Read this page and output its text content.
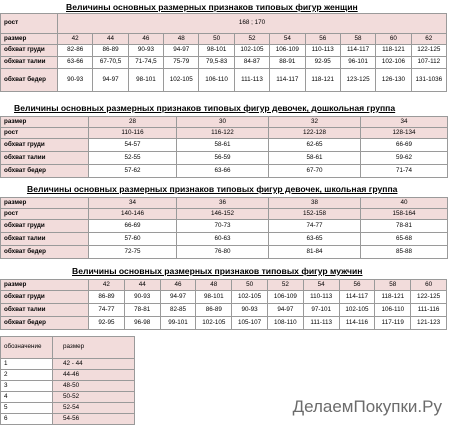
Величины основных размерных признаков типовых фигур женщин
рост	168 ; 170										
размер	42	44	46	48	50	52	54	56	58	60	62
обхват груди	82-86	86-89	90-93	94-97	98-101	102-105	106-109	110-113	114-117	118-121	122-125
обхват талии	63-66	67-70,5	71-74,5	75-79	79,5-83	84-87	88-91	92-95	96-101	102-106	107-112
обхват бедер	90-93	94-97	98-101	102-105	106-110	111-113	114-117	118-121	123-125	126-130	131-1036
Величины основных размерных признаков типовых фигур девочек, дошкольная группа
размер	28	30	32	34
рост	110-116	116-122	122-128	128-134
обхват груди	54-57	58-61	62-65	66-69
обхват талии	52-55	56-59	58-61	59-62
обхват бедер	57-62	63-66	67-70	71-74
Величины основных размерных признаков типовых фигур девочек, школьная группа
размер	34	36	38	40
рост	140-146	146-152	152-158	158-164
обхват груди	66-69	70-73	74-77	78-81
обхват талии	57-60	60-63	63-65	65-68
обхват бедер	72-75	76-80	81-84	85-88
Величины основных размерных признаков типовых фигур мужчин
размер	42	44	46	48	50	52	54	56	58	60
обхват груди	86-89	90-93	94-97	98-101	102-105	106-109	110-113	114-117	118-121	122-125
обхват талии	74-77	78-81	82-85	86-89	90-93	94-97	97-101	102-105	106-110	111-116
обхват бедер	92-95	96-98	99-101	102-105	105-107	108-110	111-113	114-116	117-119	121-123
обозначение	размер
1	42 - 44
2	44-46
3	48-50
4	50-52
5	52-54
6	54-56
ДелаемПокупки.Ру
